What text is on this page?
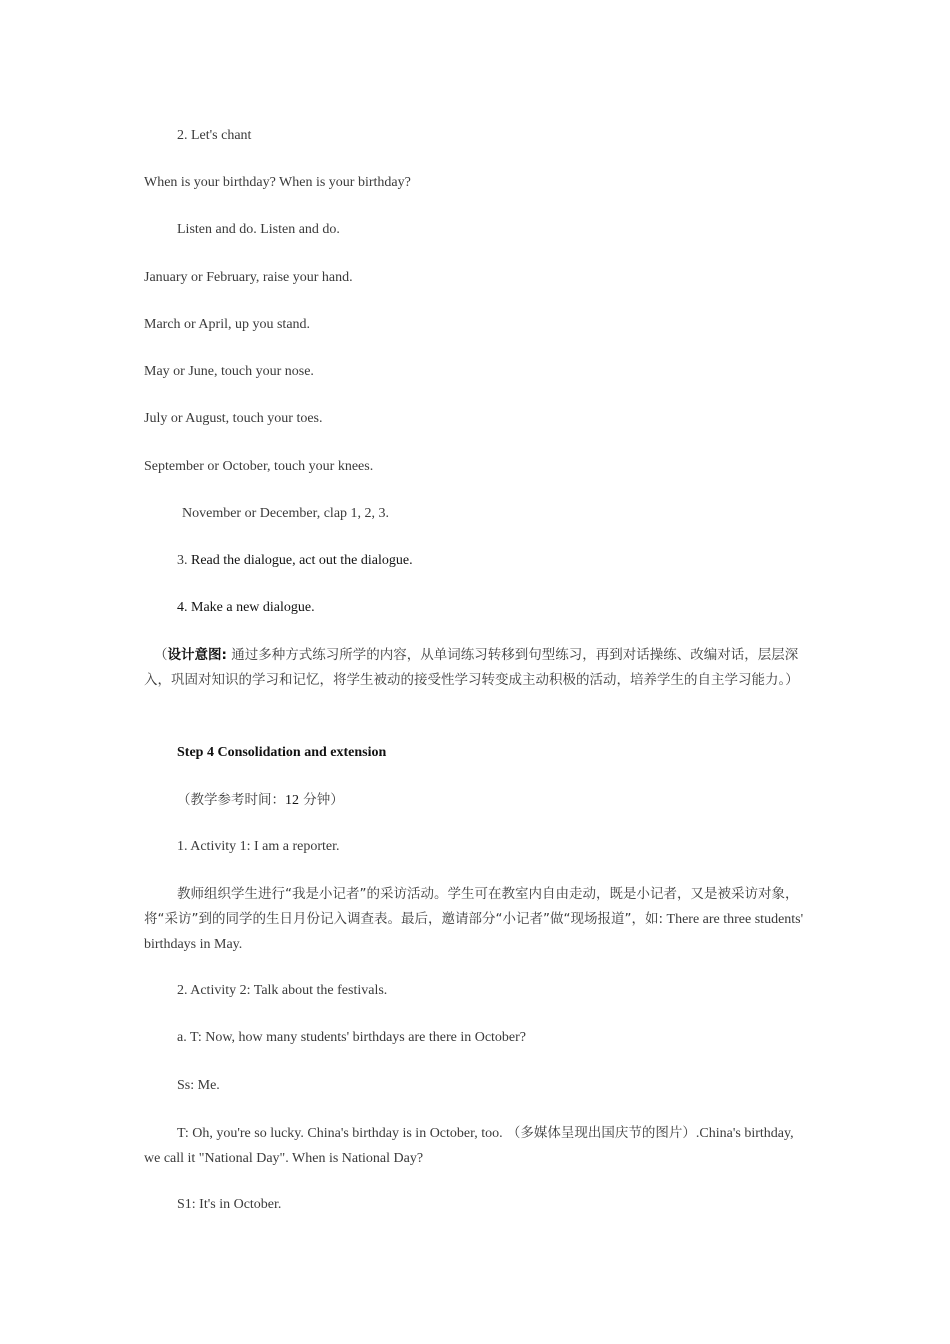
2. Let's chant
When is your birthday? When is your birthday?
Listen and do. Listen and do.
January or February, raise your hand.
March or April, up you stand.
May or June, touch your nose.
July or August, touch your toes.
September or October, touch your knees.
November or December, clap 1, 2, 3.
3. Read the dialogue, act out the dialogue.
4. Make a new dialogue.
（设计意图: 通过多种方式练习所学的内容，从单词练习转移到句型练习，再到对话操练、改编对话，层层深入，巩固对知识的学习和记忆，将学生被动的接受性学习转变成主动积极的活动，培养学生的自主学习能力。）
Step 4 Consolidation and extension
（教学参考时间：12 分钟）
1. Activity 1: I am a reporter.
教师组织学生进行“我是小记者”的采访活动。学生可在教室内自由走动，既是小记者，又是被采访对象，将“采访”到的同学的生日月份记入调查表。最后，邀请部分“小记者”做“现场报道”，如: There are three students' birthdays in May.
2. Activity 2: Talk about the festivals.
a. T: Now, how many students' birthdays are there in October?
Ss: Me.
T: Oh, you're so lucky. China's birthday is in October, too. （多媒体呈现出国庆节的图片）.China's birthday, we call it "National Day". When is National Day?
S1: It's in October.
